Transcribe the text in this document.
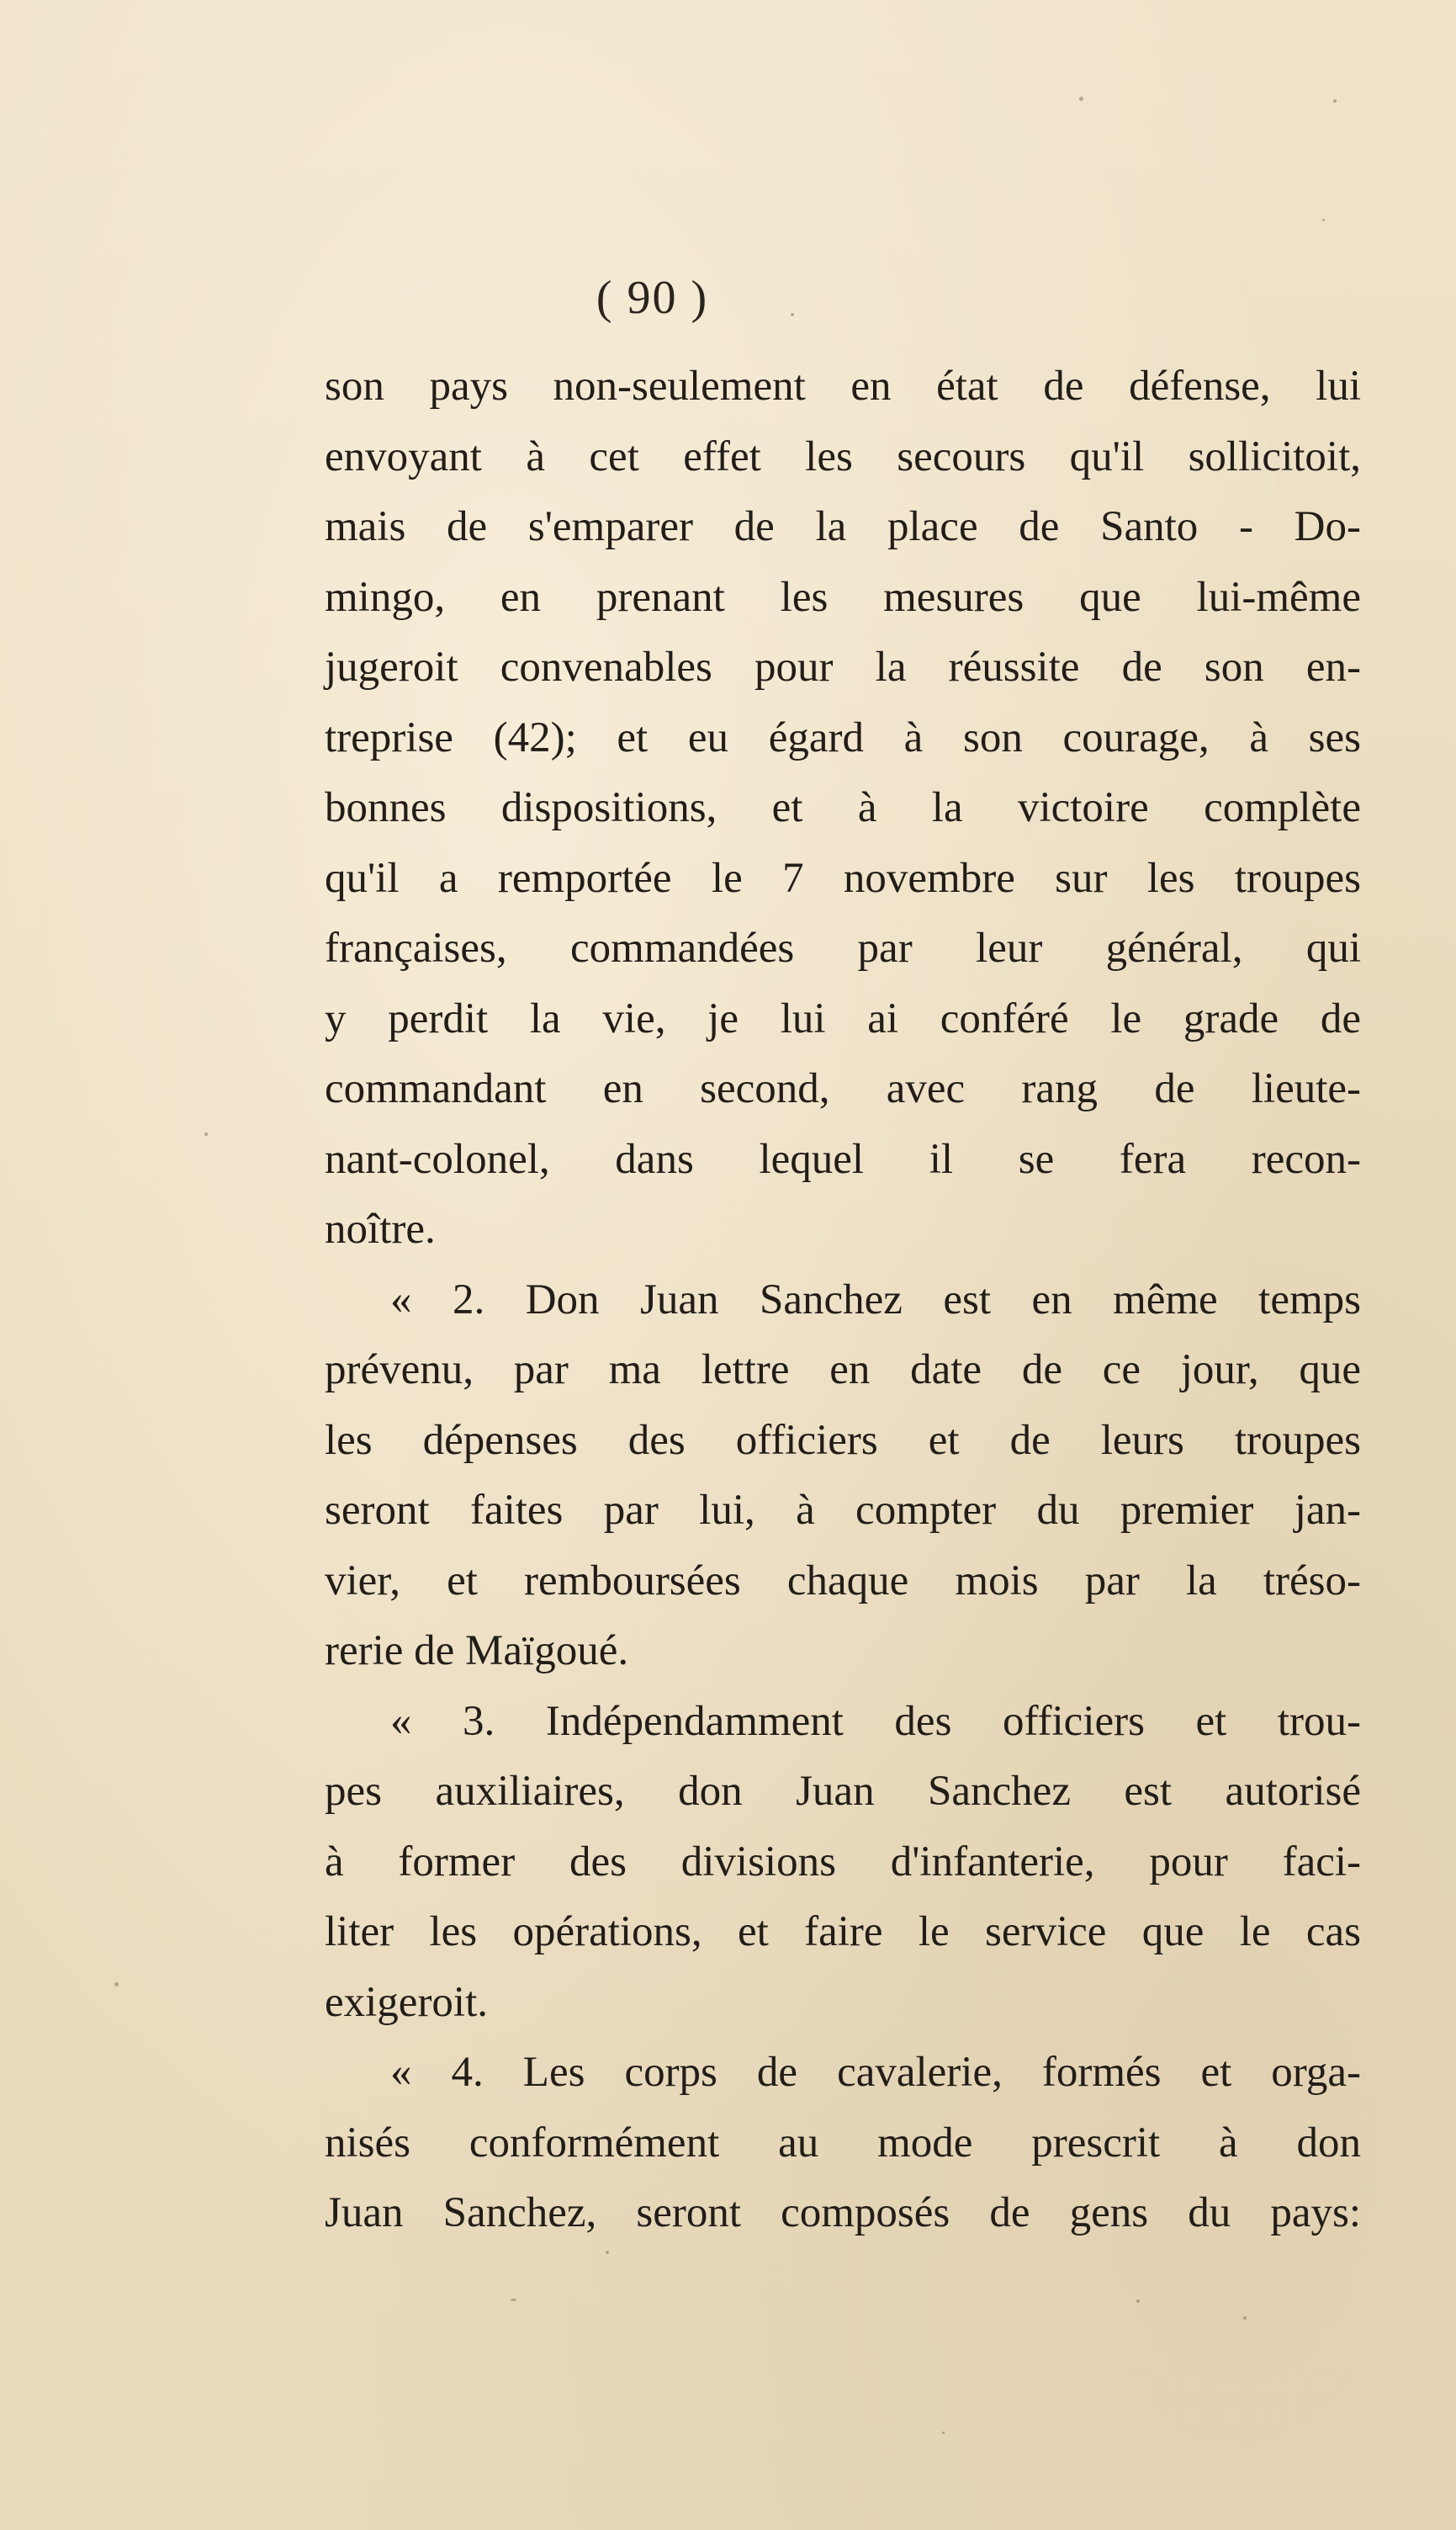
( 90 )
son pays non-seulement en état de défense, lui
envoyant à cet effet les secours qu'il sollicitoit,
mais de s'emparer de la place de Santo - Do-
mingo, en prenant les mesures que lui-même
jugeroit convenables pour la réussite de son en-
treprise (42); et eu égard à son courage, à ses
bonnes dispositions, et à la victoire complète
qu'il a remportée le 7 novembre sur les troupes
françaises, commandées par leur général, qui
y perdit la vie, je lui ai conféré le grade de
commandant en second, avec rang de lieute-
nant-colonel, dans lequel il se fera recon-
noître.
« 2. Don Juan Sanchez est en même temps
prévenu, par ma lettre en date de ce jour, que
les dépenses des officiers et de leurs troupes
seront faites par lui, à compter du premier jan-
vier, et remboursées chaque mois par la tréso-
rerie de Maïgoué.
« 3. Indépendamment des officiers et trou-
pes auxiliaires, don Juan Sanchez est autorisé
à former des divisions d'infanterie, pour faci-
liter les opérations, et faire le service que le cas
exigeroit.
« 4. Les corps de cavalerie, formés et orga-
nisés conformément au mode prescrit à don
Juan Sanchez, seront composés de gens du pays:
